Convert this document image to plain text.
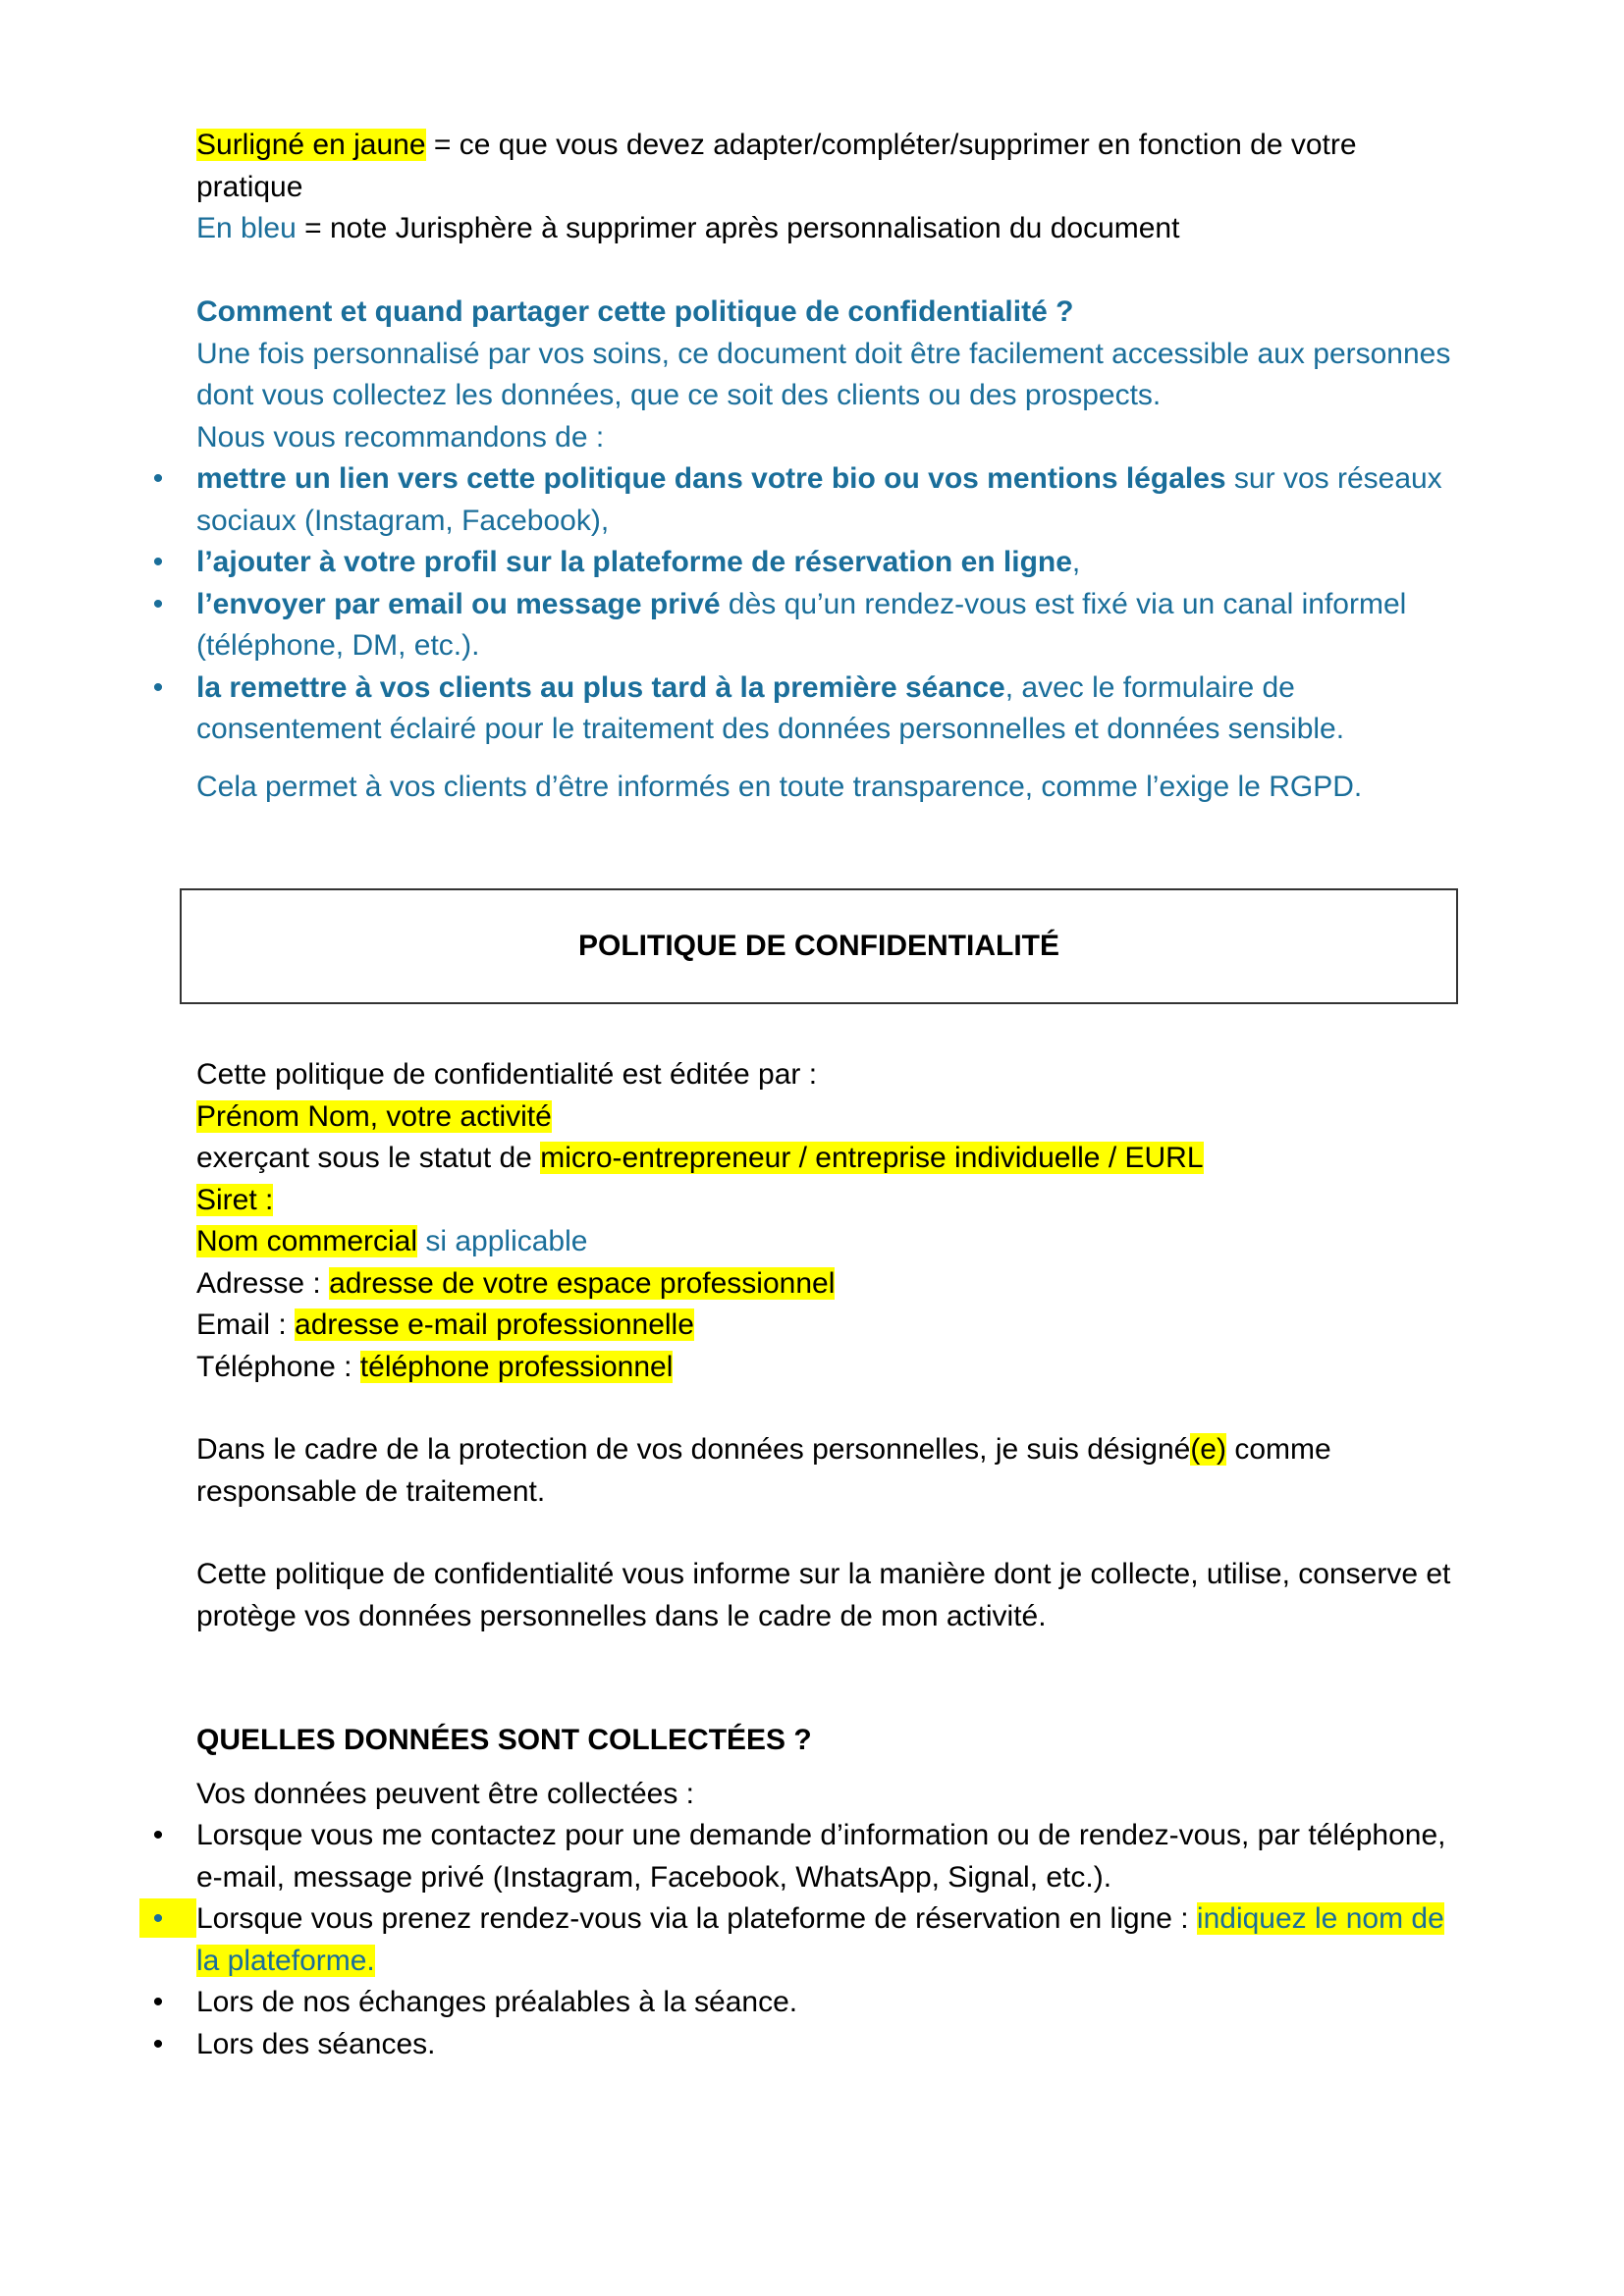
Surligné en jaune = ce que vous devez adapter/compléter/supprimer en fonction de votre pratique
En bleu = note Jurisphère à supprimer après personnalisation du document
Comment et quand partager cette politique de confidentialité ?
Une fois personnalisé par vos soins, ce document doit être facilement accessible aux personnes dont vous collectez les données, que ce soit des clients ou des prospects.
Nous vous recommandons de :
• mettre un lien vers cette politique dans votre bio ou vos mentions légales sur vos réseaux sociaux (Instagram, Facebook),
• l’ajouter à votre profil sur la plateforme de réservation en ligne,
• l’envoyer par email ou message privé dès qu’un rendez-vous est fixé via un canal informel (téléphone, DM, etc.).
• la remettre à vos clients au plus tard à la première séance, avec le formulaire de consentement éclairé pour le traitement des données personnelles et données sensible.
Cela permet à vos clients d’être informés en toute transparence, comme l’exige le RGPD.
POLITIQUE DE CONFIDENTIALITÉ
Cette politique de confidentialité est éditée par :
Prénom Nom, votre activité
exerçant sous le statut de micro-entrepreneur / entreprise individuelle / EURL
Siret :
Nom commercial si applicable
Adresse : adresse de votre espace professionnel
Email : adresse e-mail professionnelle
Téléphone : téléphone professionnel
Dans le cadre de la protection de vos données personnelles, je suis désigné(e) comme responsable de traitement.
Cette politique de confidentialité vous informe sur la manière dont je collecte, utilise, conserve et protège vos données personnelles dans le cadre de mon activité.
QUELLES DONNÉES SONT COLLECTÉES ?
Vos données peuvent être collectées :
• Lorsque vous me contactez pour une demande d’information ou de rendez-vous, par téléphone, e-mail, message privé (Instagram, Facebook, WhatsApp, Signal, etc.).
• Lorsque vous prenez rendez-vous via la plateforme de réservation en ligne : indiquez le nom de la plateforme.
• Lors de nos échanges préalables à la séance.
• Lors des séances.
